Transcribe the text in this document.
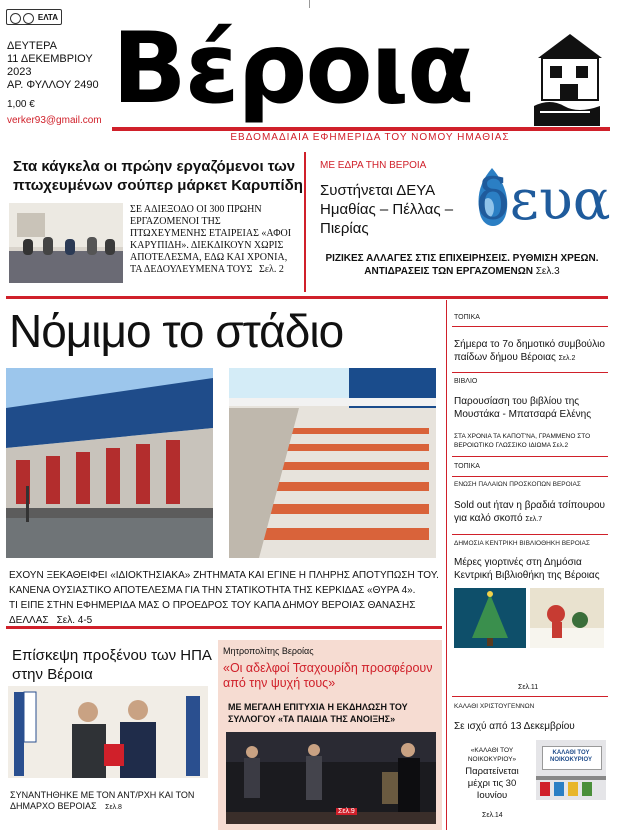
ΕΛΤΑ
ΔΕΥΤΕΡΑ
11 ΔΕΚΕΜΒΡΙΟΥ 2023
ΑΡ. ΦΥΛΛΟΥ 2490
1,00 €
verker93@gmail.com Βέροια
ΕΒΔΟΜΑΔΙΑΙΑ ΕΦΗΜΕΡΙΔΑ ΤΟΥ ΝΟΜΟΥ ΗΜΑΘΙΑΣ
Στα κάγκελα οι πρώην εργαζόμενοι των πτωχευμένων σούπερ μάρκετ Καρυπίδη
ΣΕ ΑΔΙΕΞΟΔΟ ΟΙ 300 ΠΡΩΗΝ ΕΡΓΑΖΟΜΕΝΟΙ ΤΗΣ ΠΤΩΧΕΥΜΕΝΗΣ ΕΤΑΙΡΕΙΑΣ «ΑΦΟΙ ΚΑΡΥΠΙΔΗ». ΔΙΕΚΔΙΚΟΥΝ ΧΩΡΙΣ ΑΠΟΤΕΛΕΣΜΑ, ΕΔΩ ΚΑΙ ΧΡΟΝΙΑ, ΤΑ ΔΕΔΟΥΛΕΥΜΕΝΑ ΤΟΥΣ Σελ. 2
ΜΕ ΕΔΡΑ ΤΗΝ ΒΕΡΟΙΑ
Συστήνεται ΔΕΥΑ Ημαθίας – Πέλλας – Πιερίας	δευα
ΡΙΖΙΚΕΣ ΑΛΛΑΓΕΣ ΣΤΙΣ ΕΠΙΧΕΙΡΗΣΕΙΣ. ΡΥΘΜΙΣΗ ΧΡΕΩΝ. ΑΝΤΙΔΡΑΣΕΙΣ ΤΩΝ ΕΡΓΑΖΟΜΕΝΩΝ Σελ.3
Νόμιμο το στάδιο
ΕΧΟΥΝ ΞΕΚΑΘΕΙΦΕΙ «ΙΔΙΟΚΤΗΣΙΑΚΑ» ΖΗΤΗΜΑΤΑ ΚΑΙ ΕΓΙΝΕ Η ΠΛΗΡΗΣ ΑΠΟΤΥΠΩΣΗ ΤΟΥ.
ΚΑΝΕΝΑ ΟΥΣΙΑΣΤΙΚΟ ΑΠΟΤΕΛΕΣΜΑ ΓΙΑ ΤΗΝ ΣΤΑΤΙΚΟΤΗΤΑ ΤΗΣ ΚΕΡΚΙΔΑΣ «ΘΥΡΑ 4».
ΤΙ ΕΙΠΕ ΣΤΗΝ ΕΦΗΜΕΡΙΔΑ ΜΑΣ Ο ΠΡΟΕΔΡΟΣ ΤΟΥ ΚΑΠΑ ΔΗΜΟΥ ΒΕΡΟΙΑΣ ΘΑΝΑΣΗΣ ΔΕΛΛΑΣ Σελ. 4-5
ΤΟΠΙΚΑ
Σήμερα το 7ο δημοτικό συμβούλιο παίδων δήμου Βέροιας Σελ.2
ΒΙΒΛΙΟ
Παρουσίαση του βιβλίου της Μουστάκα - Μπατσαρά Ελένης
ΣΤΑ ΧΡΟΝΙΑ ΤΑ ΚΑΠΟΤ'ΝΑ, ΓΡΑΜΜΕΝΟ ΣΤΟ ΒΕΡΟΙΩΤΙΚΟ ΓΛΩΣΣΙΚΟ ΙΔΙΩΜΑ Σελ.2
ΤΟΠΙΚΑ
ΕΝΩΣΗ ΠΑΛΑΙΩΝ ΠΡΟΣΚΟΠΩΝ ΒΕΡΟΙΑΣ
Sold out ήταν η βραδιά τσίπουρου για καλό σκοπό Σελ.7
ΔΗΜΟΣΙΑ ΚΕΝΤΡΙΚΗ ΒΙΒΛΙΟΘΗΚΗ ΒΕΡΟΙΑΣ
Μέρες γιορτινές στη Δημόσια Κεντρική Βιβλιοθήκη της Βέροιας
Σελ.11
ΚΑΛΑΘΙ ΧΡΙΣΤΟΥΓΕΝΝΩΝ
Σε ισχύ από 13 Δεκεμβρίου
«ΚΑΛΑΘΙ ΤΟΥ ΝΟΙΚΟΚΥΡΙΟΥ»
Παρατείνεται μέχρι τις 30 Ιουνίου
Σελ.14
ΚΑΛΑΘΙ ΤΟΥ ΝΟΙΚΟΚΥΡΙΟΥ
Επίσκεψη προξένου των ΗΠΑ στην Βέροια
ΣΥΝΑΝΤΗΘΗΚΕ ΜΕ ΤΟΝ ΑΝΤ/ΡΧΗ ΚΑΙ ΤΟΝ ΔΗΜΑΡΧΟ ΒΕΡΟΙΑΣ Σελ.8
Μητροπολίτης Βεροίας
«Οι αδελφοί Τσαχουρίδη προσφέρουν από την ψυχή τους»
ΜΕ ΜΕΓΑΛΗ ΕΠΙΤΥΧΙΑ Η ΕΚΔΗΛΩΣΗ ΤΟΥ ΣΥΛΛΟΓΟΥ «ΤΑ ΠΑΙΔΙΑ ΤΗΣ ΑΝΟΙΞΗΣ»
Σελ.9
